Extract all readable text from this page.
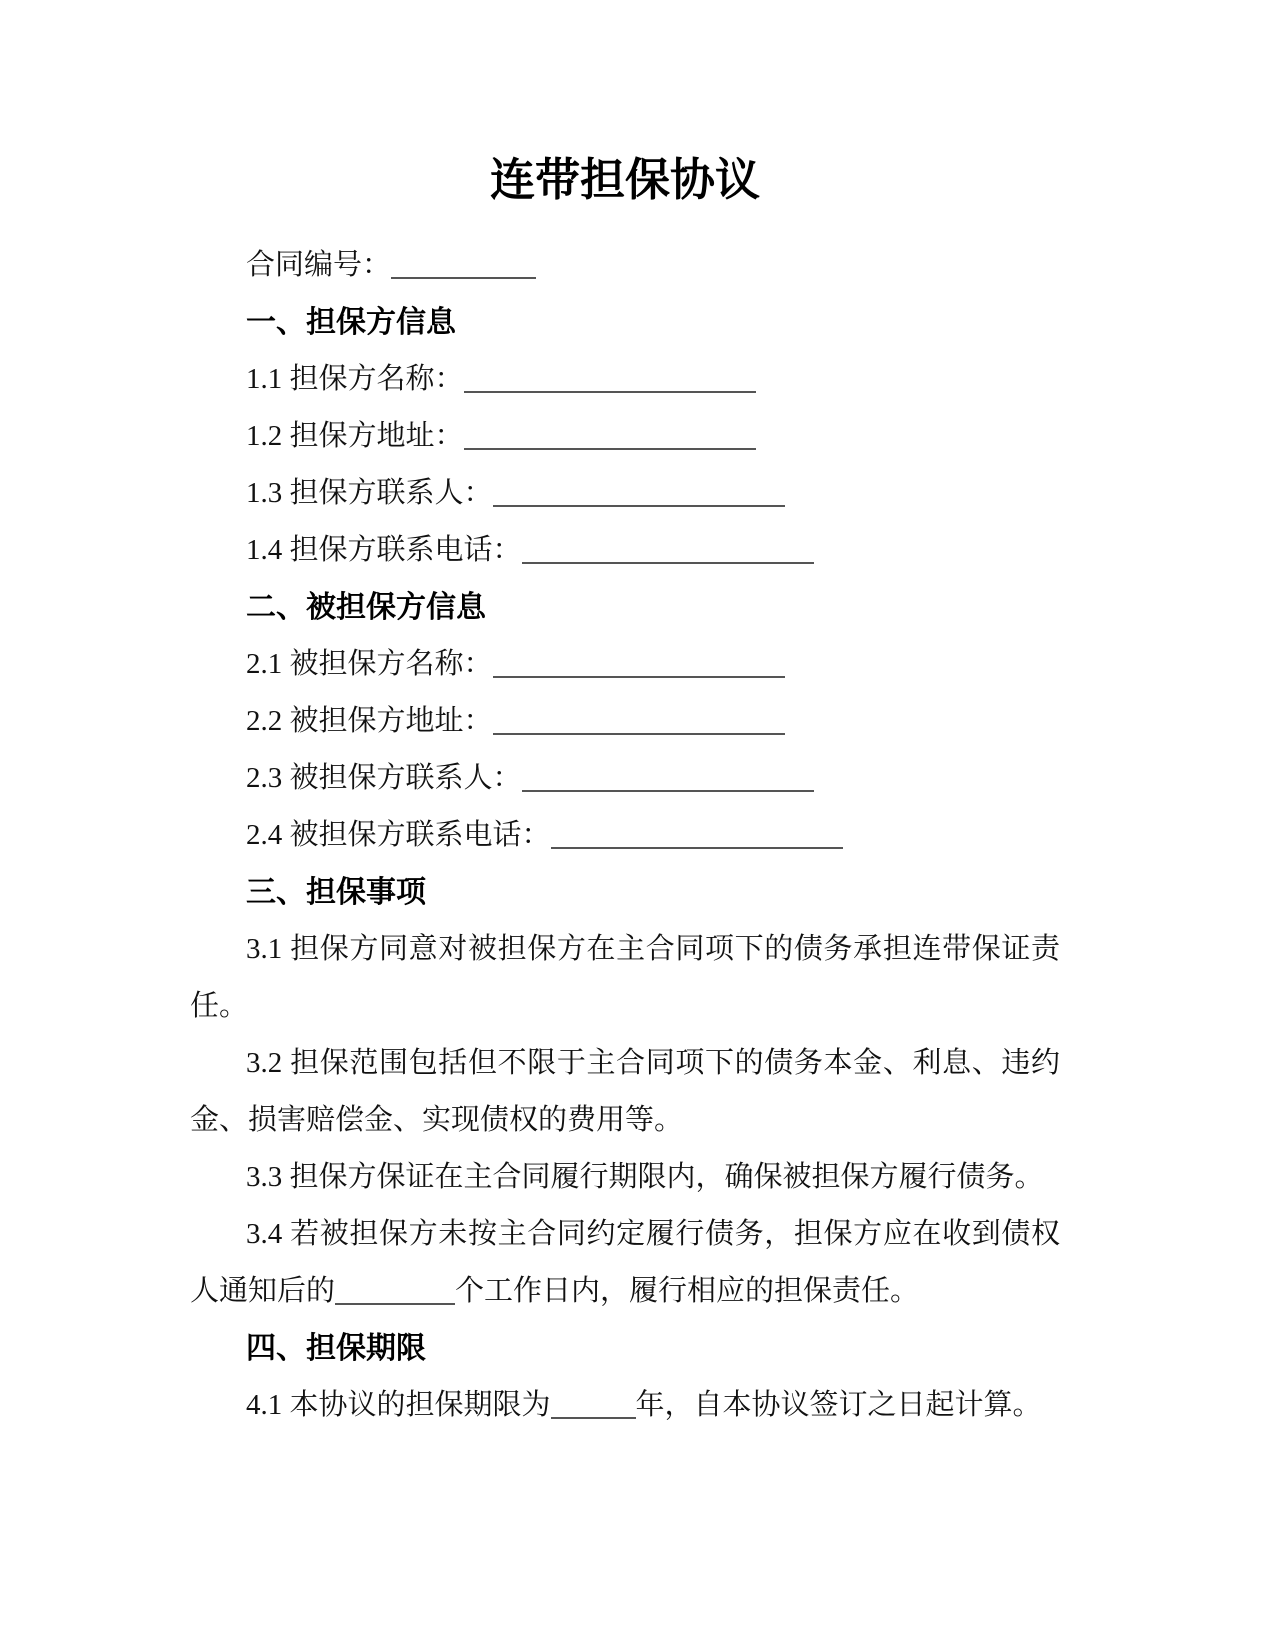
连带担保协议

合同编号：

一、担保方信息

1.1 担保方名称：

1.2 担保方地址：

1.3 担保方联系人：

1.4 担保方联系电话：

二、被担保方信息

2.1 被担保方名称：

2.2 被担保方地址：

2.3 被担保方联系人：

2.4 被担保方联系电话：

三、担保事项

3.1 担保方同意对被担保方在主合同项下的债务承担连带保证责任。

3.2 担保范围包括但不限于主合同项下的债务本金、利息、违约金、损害赔偿金、实现债权的费用等。

3.3 担保方保证在主合同履行期限内，确保被担保方履行债务。

3.4 若被担保方未按主合同约定履行债务，担保方应在收到债权人通知后的	个工作日内，履行相应的担保责任。

四、担保期限

4.1 本协议的担保期限为	年，自本协议签订之日起计算。
